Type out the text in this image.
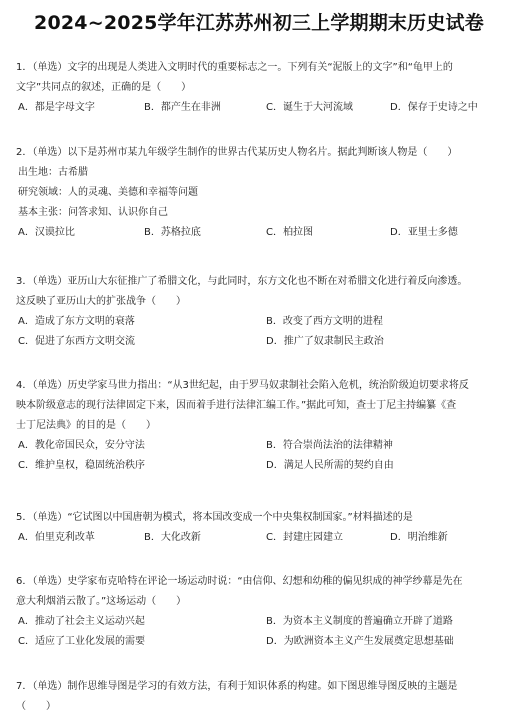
2024~2025学年江苏苏州初三上学期期末历史试卷
1．（单选）文字的出现是人类进入文明时代的重要标志之一。下列有关“泥版上的文字”和“龟甲上的
文字”共同点的叙述，正确的是（　　）
A．都是字母文字	B．都产生在非洲	C．诞生于大河流域	D．保存于史诗之中
2．（单选）以下是苏州市某九年级学生制作的世界古代某历史人物名片。据此判断该人物是（　　）
出生地：古希腊
研究领域：人的灵魂、美德和幸福等问题
基本主张：问答求知、认识你自己
A．汉谟拉比	B．苏格拉底	C．柏拉图	D．亚里士多德
3．（单选）亚历山大东征推广了希腊文化，与此同时，东方文化也不断在对希腊文化进行着反向渗透。
这反映了亚历山大的扩张战争（　　）
A．造成了东方文明的衰落	B．改变了西方文明的进程
C．促进了东西方文明交流	D．推广了奴隶制民主政治
4．（单选）历史学家马世力指出：“从3世纪起，由于罗马奴隶制社会陷入危机，统治阶级迫切要求将反
映本阶级意志的现行法律固定下来，因而着手进行法律汇编工作。”据此可知，查士丁尼主持编纂《查
士丁尼法典》的目的是（　　）
A．教化帝国民众，安分守法	B．符合崇尚法治的法律精神
C．维护皇权，稳固统治秩序	D．满足人民所需的契约自由
5．（单选）“它试图以中国唐朝为模式，将本国改变成一个中央集权制国家。”材料描述的是
A．伯里克利改革	B．大化改新	C．封建庄园建立	D．明治维新
6．（单选）史学家布克哈特在评论一场运动时说：“由信仰、幻想和幼稚的偏见织成的神学纱幕是先在
意大利烟消云散了。”这场运动（　　）
A．推动了社会主义运动兴起	B．为资本主义制度的普遍确立开辟了道路
C．适应了工业化发展的需要	D．为欧洲资本主义产生发展奠定思想基础
7．（单选）制作思维导图是学习的有效方法，有利于知识体系的构建。如下图思维导图反映的主题是
（　　）
